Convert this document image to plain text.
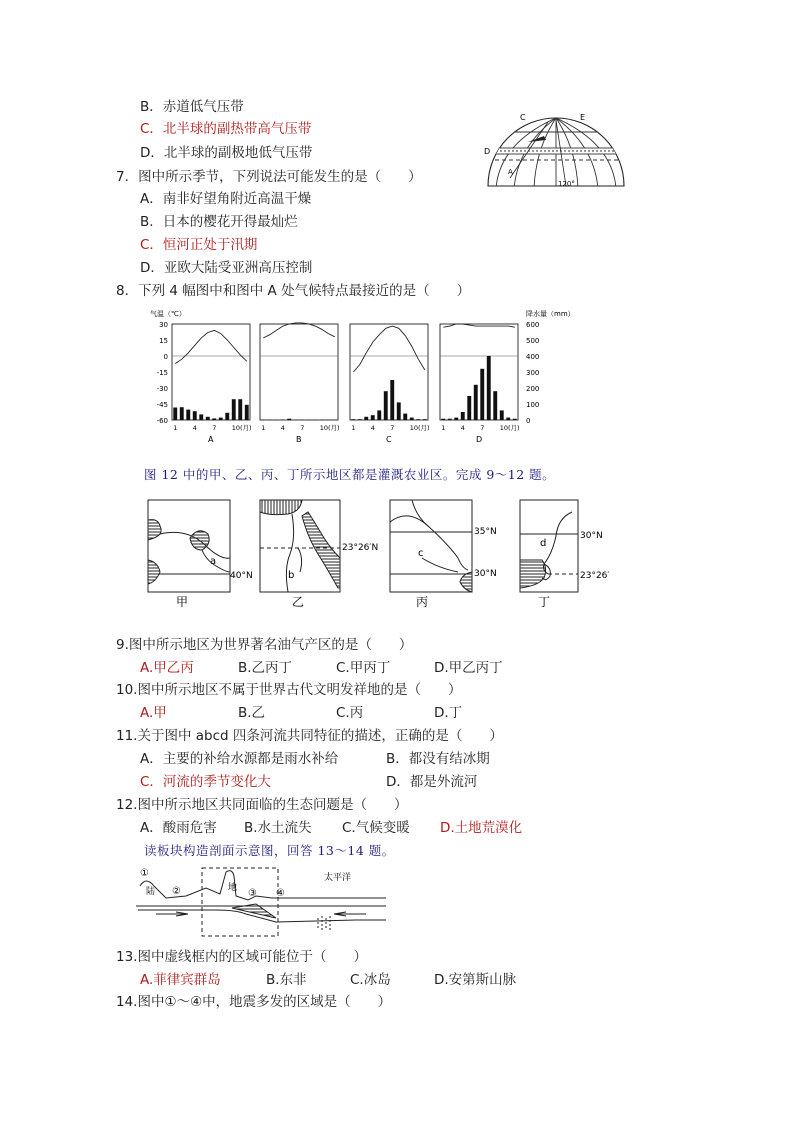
B．赤道低气压带
C．北半球的副热带高气压带
D．北半球的副极地低气压带
C	E
D
A
120°
7．图中所示季节，下列说法可能发生的是（　　）
A．南非好望角附近高温干燥
B．日本的樱花开得最灿烂
C．恒河正处于汛期
D．亚欧大陆受亚洲高压控制
8．下列 4 幅图中和图中 A 处气候特点最接近的是（　　）
气温（℃）	降水量（mm）
30
15
0
-15
-30
-45
-60
600
500
400
300
200
100
0
1 4 7 10(月)
A
1 4 7 10(月)
B
1 4 7 10(月)
C
1 4 7 10(月)
D
图 12 中的甲、乙、丙、丁所示地区都是灌溉农业区。完成 9～12 题。
a
40°N
甲
b
23°26′N
乙
c
35°N
30°N
丙
d
30°N
23°26′
丁
9.图中所示地区为世界著名油气产区的是（　　）
A.甲乙丙	B.乙丙丁	C.甲丙丁	D.甲乙丙丁
10.图中所示地区不属于世界古代文明发祥地的是（　　）
A.甲	B.乙	C.丙	D.丁
11.关于图中 abcd 四条河流共同特征的描述，正确的是（　　）
A．主要的补给水源都是雨水补给	B．都没有结冰期
C．河流的季节变化大	D．都是外流河
12.图中所示地区共同面临的生态问题是（　　）
A．酸雨危害 B.水土流失 C.气候变暖 D.土地荒漠化
读板块构造剖面示意图，回答 13～14 题。
①
陆 ②	地 ③ ④
太平洋
13.图中虚线框内的区域可能位于（　　）
A.菲律宾群岛	B.东非	C.冰岛	D.安第斯山脉
14.图中①～④中，地震多发的区域是（　　）
